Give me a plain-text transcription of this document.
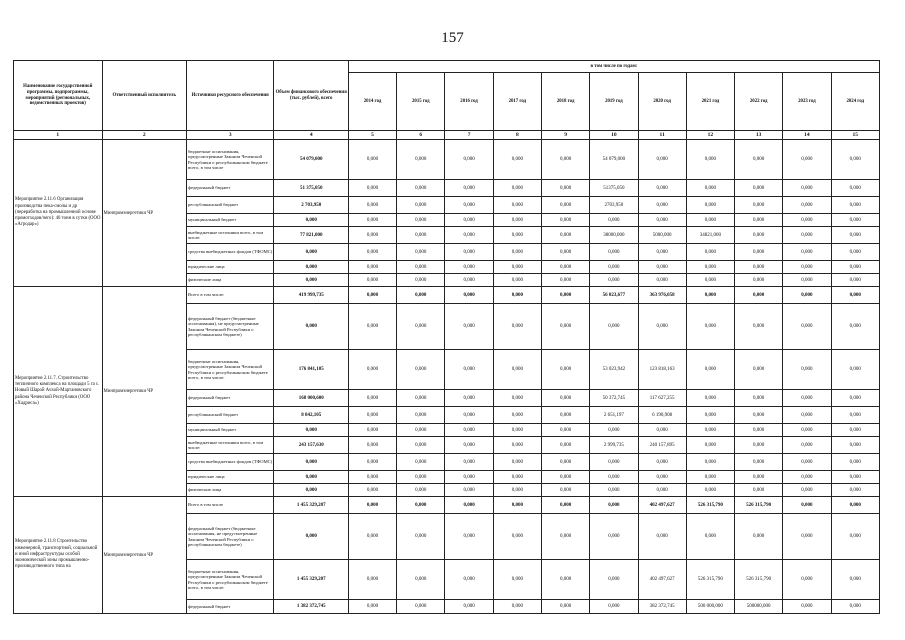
157
Наименование государственной программы, подпрограммы, мероприятий (региональных, ведомственных проектов)	Ответственный исполнитель	Источники ресурсного обеспечения	Объем финансового обеспечения (тыс. рублей), всего	в том числе по годам:										
				2014 год	2015 год	2016 год	2017 год	2018 год	2019 год	2020 год	2021 год	2022 год	2023 год	2024 год
1	2	3	4	5	6	7	8	9	10	11	12	13	14	15
Мероприятие 2.11.6 Организация производства пека-смолы и др (переработка на промышленной основе промотходов/чего): 40 тонн в сутки (ООО «Агродар»)	Минпромэнергетики ЧР	бюджетные ассигнования, предусмотренные Законом Чеченской Республики о республиканском бюджете всего, в том числе	54 079,000	0,000	0,000	0,000	0,000	0,000	54 079,000	0,000	0,000	0,000	0,000	0,000
		федеральный бюджет	51 375,050	0,000	0,000	0,000	0,000	0,000	51375,050	0,000	0,000	0,000	0,000	0,000
		республиканский бюджет	2 703,950	0,000	0,000	0,000	0,000	0,000	2703,950	0,000	0,000	0,000	0,000	0,000
		муниципальный бюджет	0,000	0,000	0,000	0,000	0,000	0,000	0,000	0,000	0,000	0,000	0,000	0,000
		внебюджетные источники всего, в том числе:	77 821,000	0,000	0,000	0,000	0,000	0,000	38000,000	5000,000	34821,000	0,000	0,000	0,000
		средства внебюджетных фондов (ТФОМС)	0,000	0,000	0,000	0,000	0,000	0,000	0,000	0,000	0,000	0,000	0,000	0,000
		юридические лица	0,000	0,000	0,000	0,000	0,000	0,000	0,000	0,000	0,000	0,000	0,000	0,000
		физические лица	0,000	0,000	0,000	0,000	0,000	0,000	0,000	0,000	0,000	0,000	0,000	0,000
Мероприятие 2.11.7. Строительство тепличного комплекса на площади 5 га с. Новый Шарой Ачхой-Мартановского района Чеченской Республики (ООО «Хадриса»)	Минпромэнергетики ЧР	Всего в том числе:	419 999,735	0,000	0,000	0,000	0,000	0,000	56 023,677	363 976,058	0,000	0,000	0,000	0,000
		федеральный бюджет (бюджетные ассигнования), не предусмотренные Законом Чеченской Республики о республиканском бюджете)	0,000	0,000	0,000	0,000	0,000	0,000	0,000	0,000	0,000	0,000	0,000	0,000
		бюджетные ассигнования, предусмотренные Законом Чеченской Республики о республиканском бюджете всего, в том числе:	176 841,105	0,000	0,000	0,000	0,000	0,000	53 023,942	123 818,163	0,000	0,000	0,000	0,000
		федеральный бюджет	168 000,600	0,000	0,000	0,000	0,000	0,000	50 372,745	117 627,255	0,000	0,000	0,000	0,000
		республиканский бюджет	8 842,105	0,000	0,000	0,000	0,000	0,000	2 651,197	6 190,908	0,000	0,000	0,000	0,000
		муниципальный бюджет	0,000	0,000	0,000	0,000	0,000	0,000	0,000	0,000	0,000	0,000	0,000	0,000
		внебюджетные источники всего, в том числе:	243 157,630	0,000	0,000	0,000	0,000	0,000	2 999,735	240 157,895	0,000	0,000	0,000	0,000
		средства внебюджетных фондов (ТФОМС)	0,000	0,000	0,000	0,000	0,000	0,000	0,000	0,000	0,000	0,000	0,000	0,000
		юридические лица	0,000	0,000	0,000	0,000	0,000	0,000	0,000	0,000	0,000	0,000	0,000	0,000
		физические лица	0,000	0,000	0,000	0,000	0,000	0,000	0,000	0,000	0,000	0,000	0,000	0,000
Мероприятие 2.11.8 Строительство инженерной, транспортной, социальной и иной инфраструктуры особой экономической зоны промышленно-производственного типа на	Минпромэнергетики ЧР	Всего в том числе	1 455 329,207	0,000	0,000	0,000	0,000	0,000	0,000	402 497,627	526 315,790	526 315,790	0,000	0,000
		федеральный бюджет (бюджетные ассигнования, не предусмотренные Законом Чеченской Республики о республиканском бюджете)	0,000	0,000	0,000	0,000	0,000	0,000	0,000	0,000	0,000	0,000	0,000	0,000
		бюджетные ассигнования, предусмотренные Законом Чеченской Республики о республиканском бюджете всего, в том числе:	1 455 329,207	0,000	0,000	0,000	0,000	0,000	0,000	402 497,627	526 315,790	526 315,790	0,000	0,000
		федеральный бюджет	1 382 372,745	0,000	0,000	0,000	0,000	0,000	0,000	382 372,745	500 000,000	500000,000	0,000	0,000
